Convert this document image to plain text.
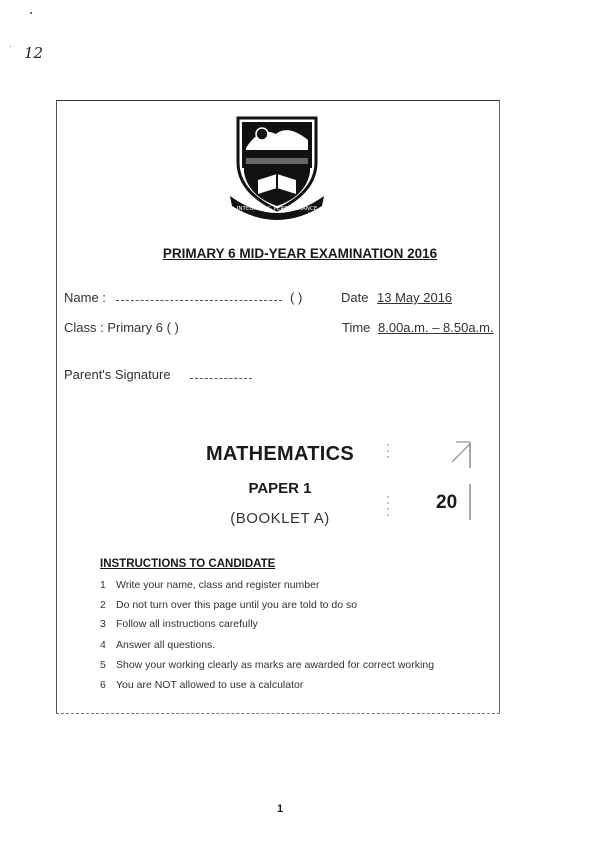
12
INTEGRITY & PERSEVERANCE
PRIMARY 6 MID-YEAR EXAMINATION 2016
Name :	( )	Date 13 May 2016
Class : Primary 6 ( )	Time 8.00a.m. – 8.50a.m.
Parent's Signature
MATHEMATICS
PAPER 1
(BOOKLET A)
20
INSTRUCTIONS TO CANDIDATE
1 Write your name, class and register number
2 Do not turn over this page until you are told to do so
3 Follow all instructions carefully
4 Answer all questions.
5 Show your working clearly as marks are awarded for correct working
6 You are NOT allowed to use a calculator
1
